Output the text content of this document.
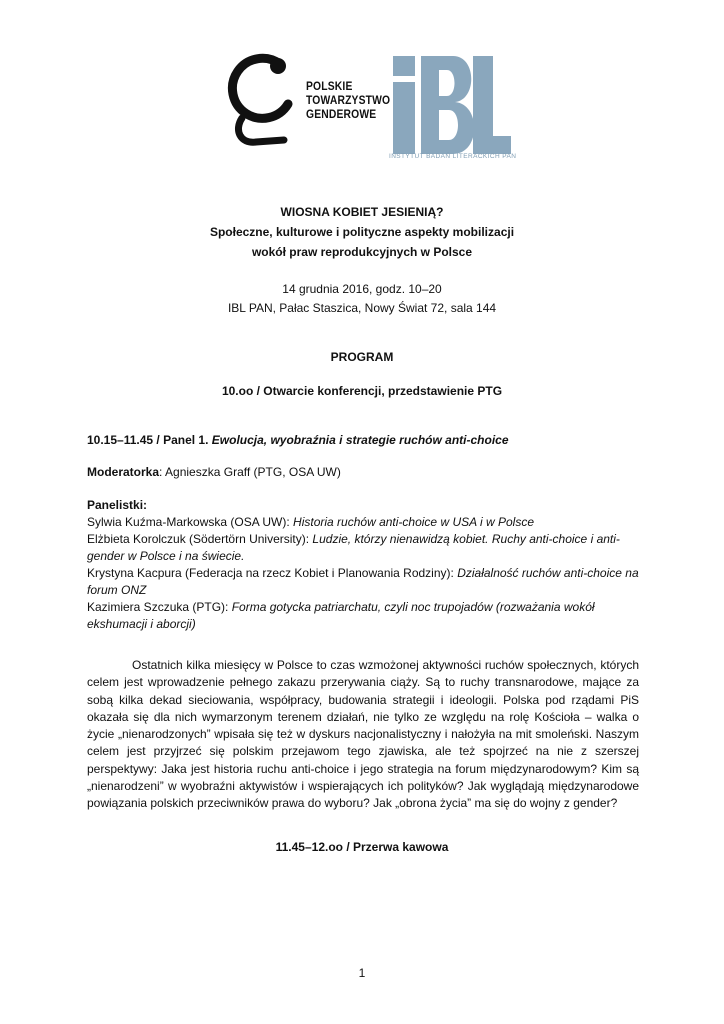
POLSKIE
TOWARZYSTWO
GENDEROWE
INSTYTUT BADAŃ LITERACKICH PAN
WIOSNA KOBIET JESIENIĄ?
Społeczne, kulturowe i polityczne aspekty mobilizacji
wokół praw reprodukcyjnych w Polsce
14 grudnia 2016, godz. 10–20
IBL PAN, Pałac Staszica, Nowy Świat 72, sala 144
PROGRAM
10.oo / Otwarcie konferencji, przedstawienie PTG
10.15–11.45 / Panel 1. Ewolucja, wyobraźnia i strategie ruchów anti-choice
Moderatorka: Agnieszka Graff (PTG, OSA UW)
Panelistki:
Sylwia Kuźma-Markowska (OSA UW): Historia ruchów anti-choice w USA i w Polsce
Elżbieta Korolczuk (Södertörn University): Ludzie, którzy nienawidzą kobiet. Ruchy anti-choice i anti-gender w Polsce i na świecie.
Krystyna Kacpura (Federacja na rzecz Kobiet i Planowania Rodziny): Działalność ruchów anti-choice na forum ONZ
Kazimiera Szczuka (PTG): Forma gotycka patriarchatu, czyli noc trupojadów (rozważania wokół ekshumacji i aborcji)
Ostatnich kilka miesięcy w Polsce to czas wzmożonej aktywności ruchów społecznych, których celem jest wprowadzenie pełnego zakazu przerywania ciąży. Są to ruchy transnarodowe, mające za sobą kilka dekad sieciowania, współpracy, budowania strategii i ideologii. Polska pod rządami PiS okazała się dla nich wymarzonym terenem działań, nie tylko ze względu na rolę Kościoła – walka o życie „nienarodzonych” wpisała się też w dyskurs nacjonalistyczny i nałożyła na mit smoleński. Naszym celem jest przyjrzeć się polskim przejawom tego zjawiska, ale też spojrzeć na nie z szerszej perspektywy: Jaka jest historia ruchu anti-choice i jego strategia na forum międzynarodowym? Kim są „nienarodzeni” w wyobraźni aktywistów i wspierających ich polityków? Jak wyglądają międzynarodowe powiązania polskich przeciwników prawa do wyboru? Jak „obrona życia” ma się do wojny z gender?
11.45–12.oo / Przerwa kawowa
1
